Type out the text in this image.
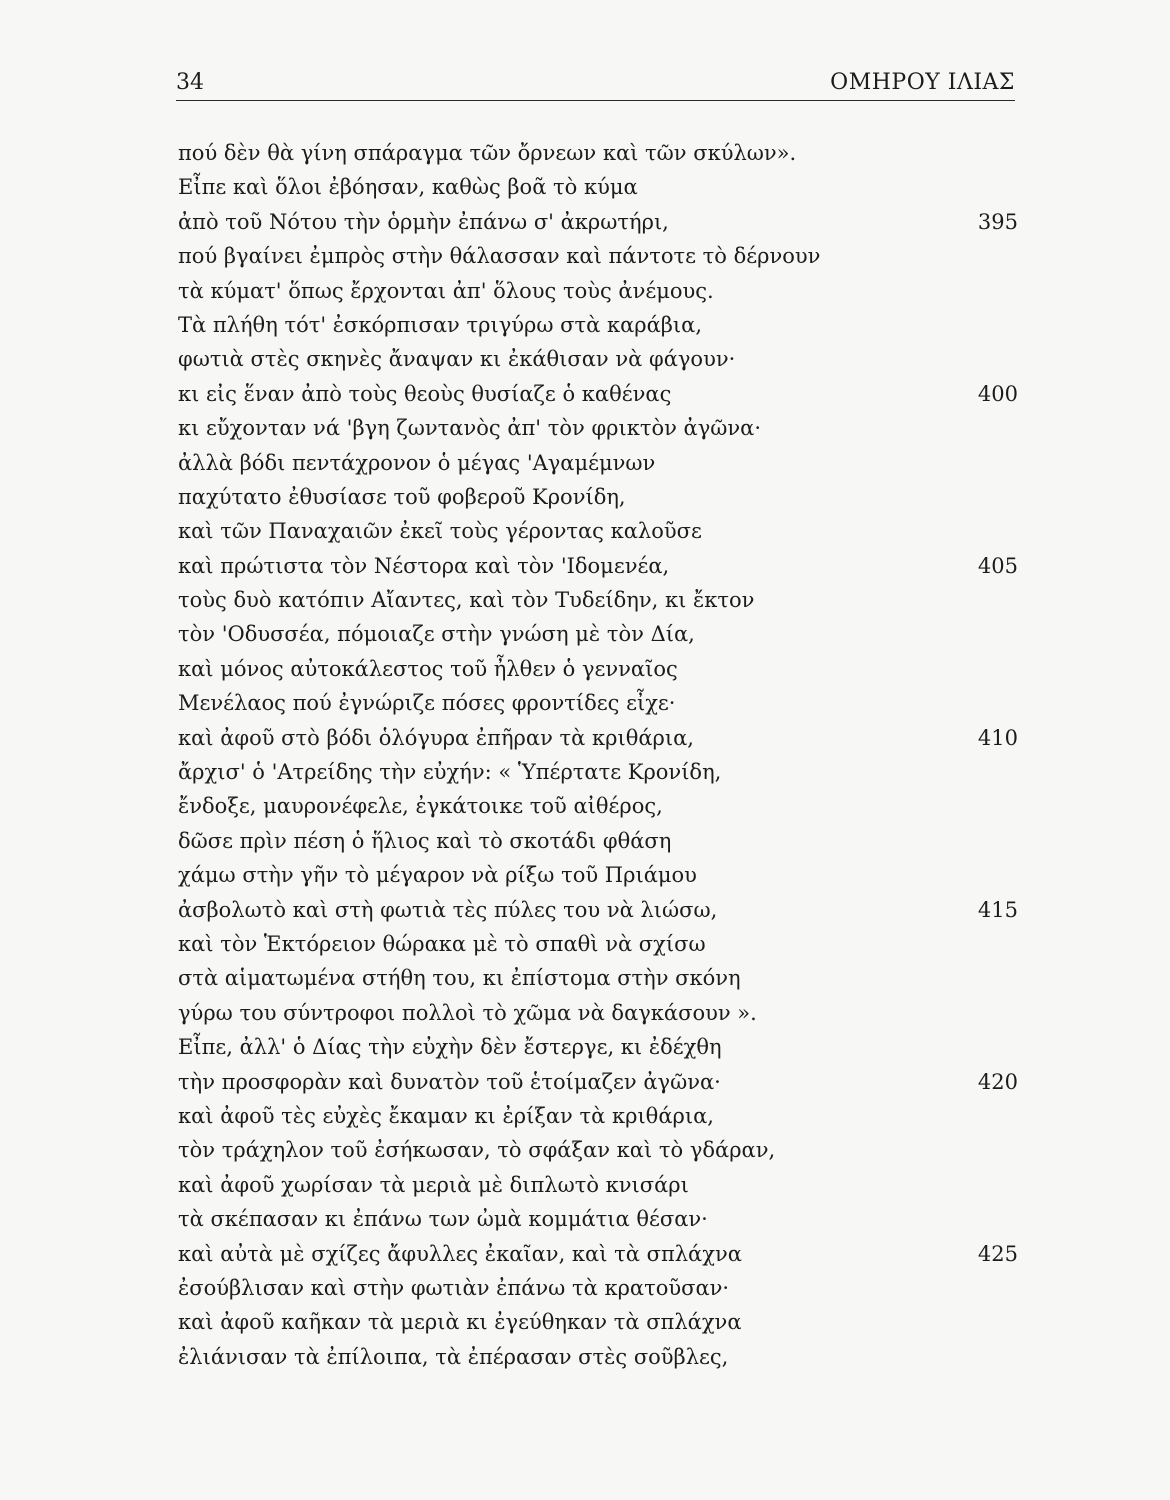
34	ΟΜΗΡΟΥ ΙΛΙΑΣ
πού δὲν θὰ γίνη σπάραγμα τῶν ὄρνεων καὶ τῶν σκύλων».
Εἶπε καὶ ὅλοι ἐβόησαν, καθὼς βοᾶ τὸ κύμα
ἀπὸ τοῦ Νότου τὴν ὁρμὴν ἐπάνω σ' ἀκρωτήρι,	395
πού βγαίνει ἐμπρὸς στὴν θάλασσαν καὶ πάντοτε τὸ δέρνουν
τὰ κύματ' ὅπως ἔρχονται ἀπ' ὅλους τοὺς ἀνέμους.
Τὰ πλήθη τότ' ἐσκόρπισαν τριγύρω στὰ καράβια,
φωτιὰ στὲς σκηνὲς ἄναψαν κι ἐκάθισαν νὰ φάγουν·
κι εἰς ἕναν ἀπὸ τοὺς θεοὺς θυσίαζε ὁ καθένας	400
κι εὔχονταν νά 'βγη ζωντανὸς ἀπ' τὸν φρικτὸν ἀγῶνα·
ἀλλὰ βόδι πεντάχρονον ὁ μέγας 'Αγαμέμνων
παχύτατο ἐθυσίασε τοῦ φοβεροῦ Κρονίδη,
καὶ τῶν Παναχαιῶν ἐκεῖ τοὺς γέροντας καλοῦσε
καὶ πρώτιστα τὸν Νέστορα καὶ τὸν 'Ιδομενέα,	405
τοὺς δυὸ κατόπιν Αἴαντες, καὶ τὸν Τυδείδην, κι ἔκτον
τὸν 'Οδυσσέα, πόμοιαζε στὴν γνώση μὲ τὸν Δία,
καὶ μόνος αὐτοκάλεστος τοῦ ἦλθεν ὁ γενναῖος
Μενέλαος πού ἐγνώριζε πόσες φροντίδες εἶχε·
καὶ ἀφοῦ στὸ βόδι ὁλόγυρα ἐπῆραν τὰ κριθάρια,	410
ἄρχισ' ὁ 'Ατρείδης τὴν εὐχήν: « Ὑπέρτατε Κρονίδη,
ἔνδοξε, μαυρονέφελε, ἐγκάτοικε τοῦ αἰθέρος,
δῶσε πρὶν πέση ὁ ἥλιος καὶ τὸ σκοτάδι φθάση
χάμω στὴν γῆν τὸ μέγαρον νὰ ρίξω τοῦ Πριάμου
ἀσβολωτὸ καὶ στὴ φωτιὰ τὲς πύλες του νὰ λιώσω,	415
καὶ τὸν Ἑκτόρειον θώρακα μὲ τὸ σπαθὶ νὰ σχίσω
στὰ αἱματωμένα στήθη του, κι ἐπίστομα στὴν σκόνη
γύρω του σύντροφοι πολλοὶ τὸ χῶμα νὰ δαγκάσουν ».
Εἶπε, ἀλλ' ὁ Δίας τὴν εὐχὴν δὲν ἔστεργε, κι ἐδέχθη
τὴν προσφορὰν καὶ δυνατὸν τοῦ ἑτοίμαζεν ἀγῶνα·	420
καὶ ἀφοῦ τὲς εὐχὲς ἔκαμαν κι ἐρίξαν τὰ κριθάρια,
τὸν τράχηλον τοῦ ἐσήκωσαν, τὸ σφάξαν καὶ τὸ γδάραν,
καὶ ἀφοῦ χωρίσαν τὰ μεριὰ μὲ διπλωτὸ κνισάρι
τὰ σκέπασαν κι ἐπάνω των ὠμὰ κομμάτια θέσαν·
καὶ αὐτὰ μὲ σχίζες ἄφυλλες ἐκαῖαν, καὶ τὰ σπλάχνα	425
ἐσούβλισαν καὶ στὴν φωτιὰν ἐπάνω τὰ κρατοῦσαν·
καὶ ἀφοῦ καῆκαν τὰ μεριὰ κι ἐγεύθηκαν τὰ σπλάχνα
ἐλιάνισαν τὰ ἐπίλοιπα, τὰ ἐπέρασαν στὲς σοῦβλες,
